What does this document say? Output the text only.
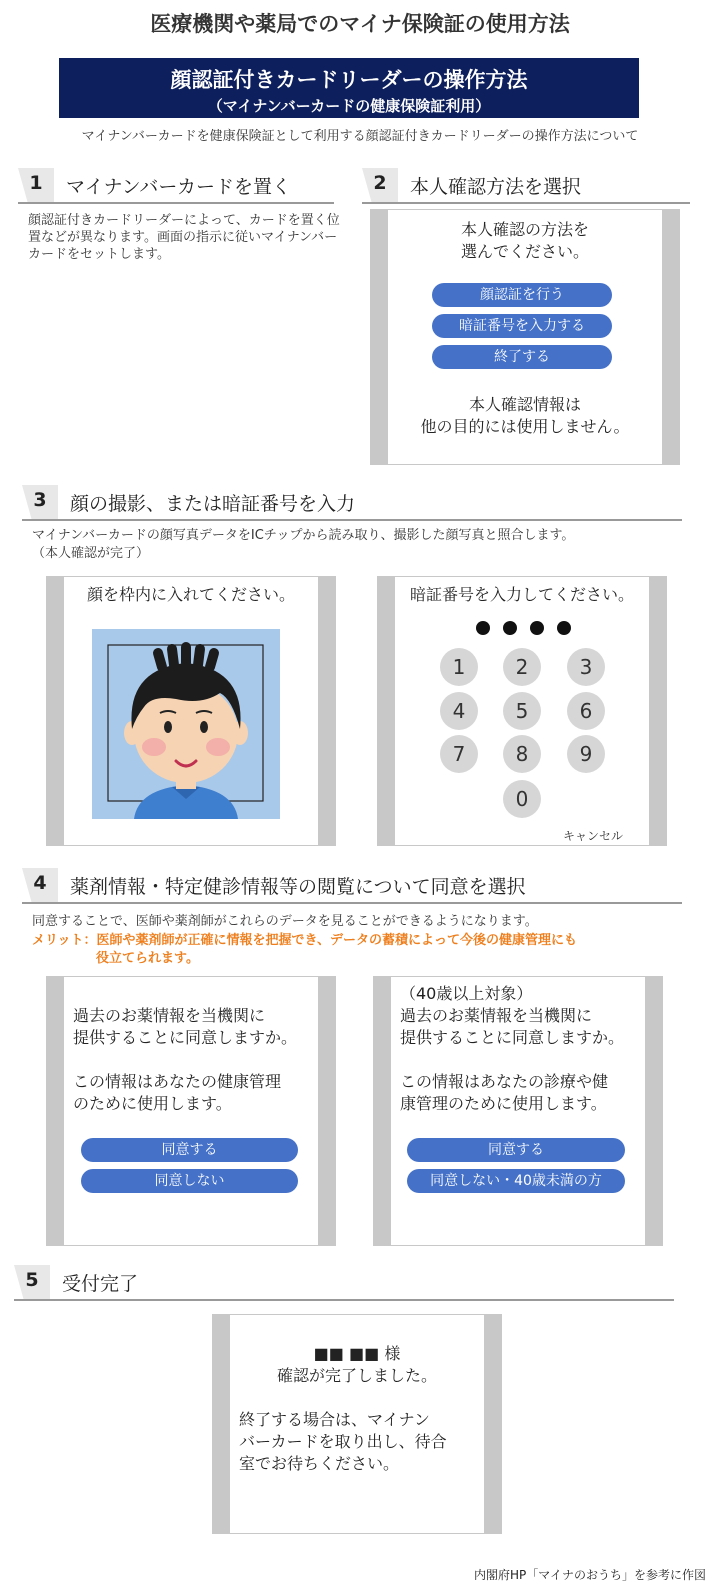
医療機関や薬局でのマイナ保険証の使用方法
顔認証付きカードリーダーの操作方法
（マイナンバーカードの健康保険証利用）
マイナンバーカードを健康保険証として利用する顔認証付きカードリーダーの操作方法について
1	マイナンバーカードを置く
顔認証付きカードリーダーによって、カードを置く位置などが異なります。画面の指示に従いマイナンバーカードをセットします。
2	本人確認方法を選択
本人確認の方法を
選んでください。
顔認証を行う
暗証番号を入力する
終了する
本人確認情報は
他の目的には使用しません。
3	顔の撮影、または暗証番号を入力
マイナンバーカードの顔写真データをICチップから読み取り、撮影した顔写真と照合します。
（本人確認が完了）
顔を枠内に入れてください。	暗証番号を入力してください。
1	2	3
4	5	6
7	8	9
0
キャンセル
4	薬剤情報・特定健診情報等の閲覧について同意を選択
同意することで、医師や薬剤師がこれらのデータを見ることができるようになります。
メリット：医師や薬剤師が正確に情報を把握でき、データの蓄積によって今後の健康管理にも
役立てられます。
過去のお薬情報を当機関に
提供することに同意しますか。
この情報はあなたの健康管理
のために使用します。
同意する
同意しない
（40歳以上対象）
過去のお薬情報を当機関に
提供することに同意しますか。
この情報はあなたの診療や健
康管理のために使用します。
同意する
同意しない・40歳未満の方
5	受付完了
■■ ■■ 様
確認が完了しました。
終了する場合は、マイナン
バーカードを取り出し、待合
室でお待ちください。
内閣府HP「マイナのおうち」を参考に作図
